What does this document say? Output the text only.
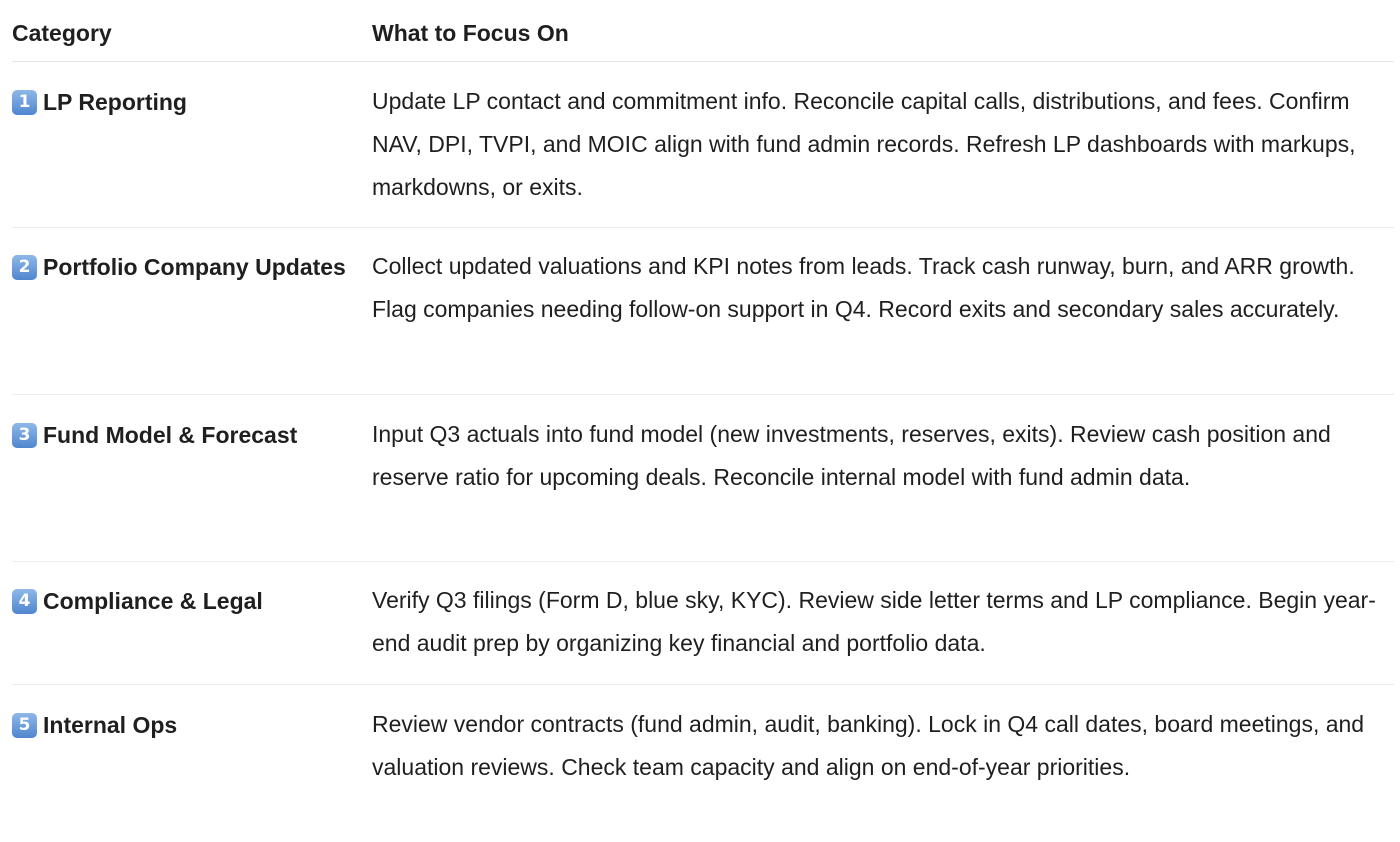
Category	What to Focus On
1 LP Reporting	Update LP contact and commitment info. Reconcile capital calls, distributions, and fees. Confirm NAV, DPI, TVPI, and MOIC align with fund admin records. Refresh LP dashboards with markups, markdowns, or exits.
2 Portfolio Company Updates	Collect updated valuations and KPI notes from leads. Track cash runway, burn, and ARR growth. Flag companies needing follow-on support in Q4. Record exits and secondary sales accurately.
3 Fund Model & Forecast	Input Q3 actuals into fund model (new investments, reserves, exits). Review cash position and reserve ratio for upcoming deals. Reconcile internal model with fund admin data.
4 Compliance & Legal	Verify Q3 filings (Form D, blue sky, KYC). Review side letter terms and LP compliance. Begin year-end audit prep by organizing key financial and portfolio data.
5 Internal Ops	Review vendor contracts (fund admin, audit, banking). Lock in Q4 call dates, board meetings, and valuation reviews. Check team capacity and align on end-of-year priorities.
